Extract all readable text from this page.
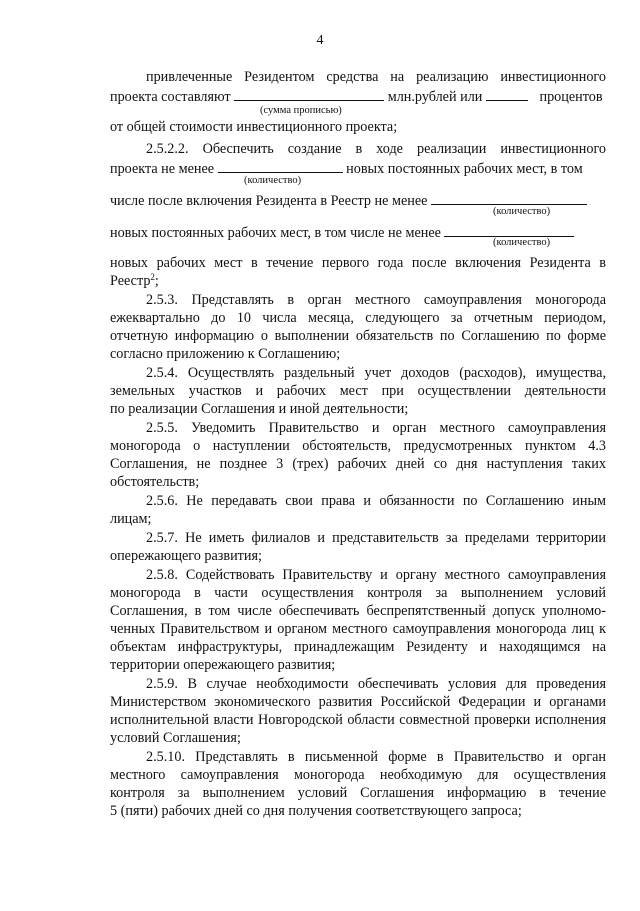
4
привлеченные Резидентом средства на реализацию инвестиционного
проекта составляют	млн.рублей или	процентов
(сумма прописью)
от общей стоимости инвестиционного проекта;
2.5.2.2. Обеспечить создание в ходе реализации инвестиционного
проекта не менее	новых постоянных рабочих мест, в том
(количество)
числе после включения Резидента в Реестр не менее
(количество)
новых постоянных рабочих мест, в том числе не менее
(количество)
новых рабочих мест в течение первого года после включения Резидента в
Реестр$^2$;
2.5.3. Представлять в орган местного самоуправления моногорода
ежеквартально до 10 числа месяца, следующего за отчетным периодом,
отчетную информацию о выполнении обязательств по Соглашению по форме
согласно приложению к Соглашению;
2.5.4. Осуществлять раздельный учет доходов (расходов), имущества,
земельных участков и рабочих мест при осуществлении деятельности
по реализации Соглашения и иной деятельности;
2.5.5. Уведомить Правительство и орган местного самоуправления
моногорода о наступлении обстоятельств, предусмотренных пунктом 4.3
Соглашения, не позднее 3 (трех) рабочих дней со дня наступления таких
обстоятельств;
2.5.6. Не передавать свои права и обязанности по Соглашению иным
лицам;
2.5.7. Не иметь филиалов и представительств за пределами территории
опережающего развития;
2.5.8. Содействовать Правительству и органу местного самоуправления
моногорода в части осуществления контроля за выполнением условий
Соглашения, в том числе обеспечивать беспрепятственный допуск уполномо-
ченных Правительством и органом местного самоуправления моногорода лиц к
объектам инфраструктуры, принадлежащим Резиденту и находящимся на
территории опережающего развития;
2.5.9. В случае необходимости обеспечивать условия для проведения
Министерством экономического развития Российской Федерации и органами
исполнительной власти Новгородской области совместной проверки исполнения
условий Соглашения;
2.5.10. Представлять в письменной форме в Правительство и орган
местного самоуправления моногорода необходимую для осуществления
контроля за выполнением условий Соглашения информацию в течение
5 (пяти) рабочих дней со дня получения соответствующего запроса;
